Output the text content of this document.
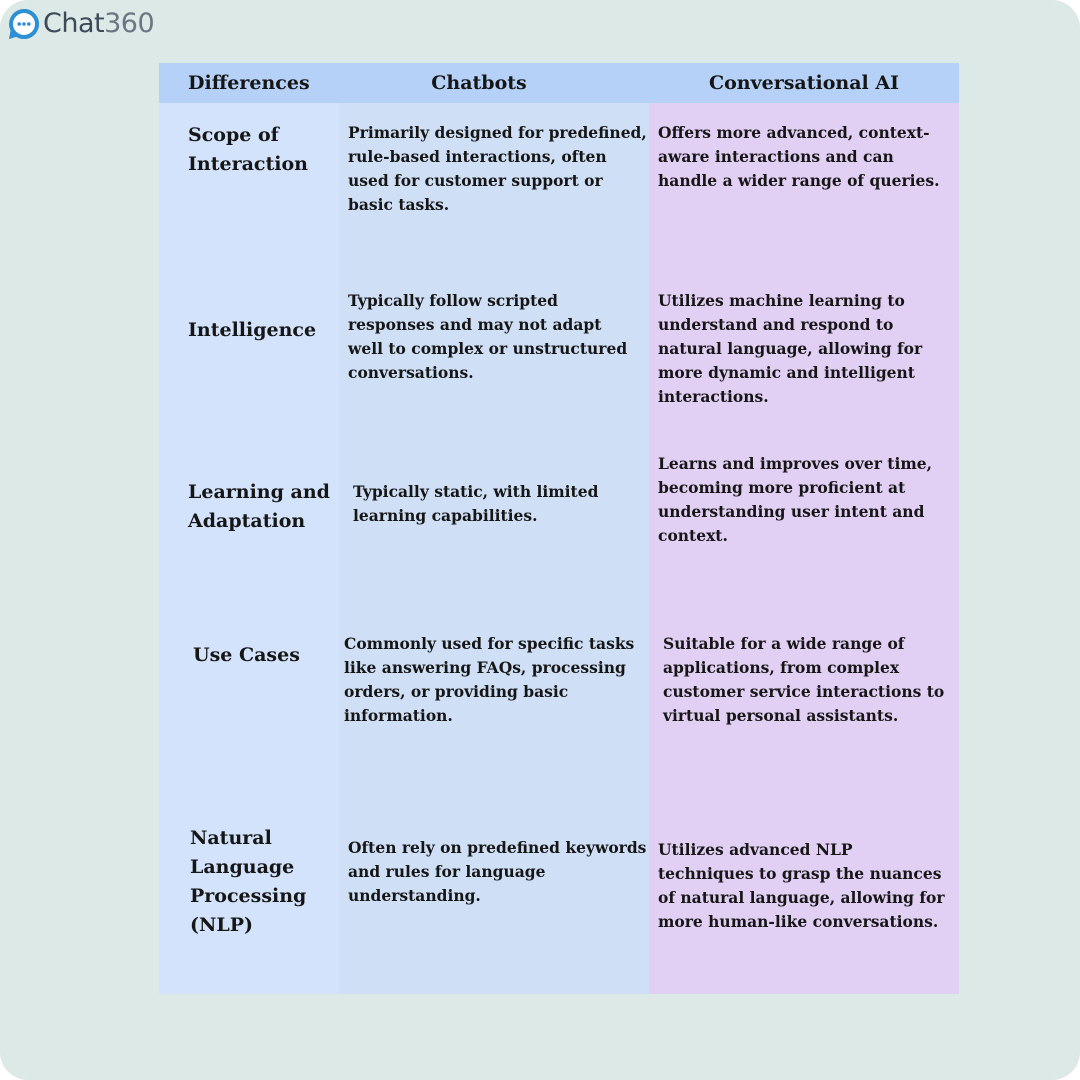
Chat360
Differences	Chatbots	Conversational AI
Scope of Interaction
Primarily designed for predefined, rule-based interactions, often used for customer support or basic tasks.
Offers more advanced, context-aware interactions and can handle a wider range of queries.
Intelligence
Typically follow scripted responses and may not adapt well to complex or unstructured conversations.
Utilizes machine learning to understand and respond to natural language, allowing for more dynamic and intelligent interactions.
Learning and Adaptation
Typically static, with limited learning capabilities.
Learns and improves over time, becoming more proficient at understanding user intent and context.
Use Cases
Commonly used for specific tasks like answering FAQs, processing orders, or providing basic information.
Suitable for a wide range of applications, from complex customer service interactions to virtual personal assistants.
Natural Language Processing (NLP)
Often rely on predefined keywords and rules for language understanding.
Utilizes advanced NLP techniques to grasp the nuances of natural language, allowing for more human-like conversations.
